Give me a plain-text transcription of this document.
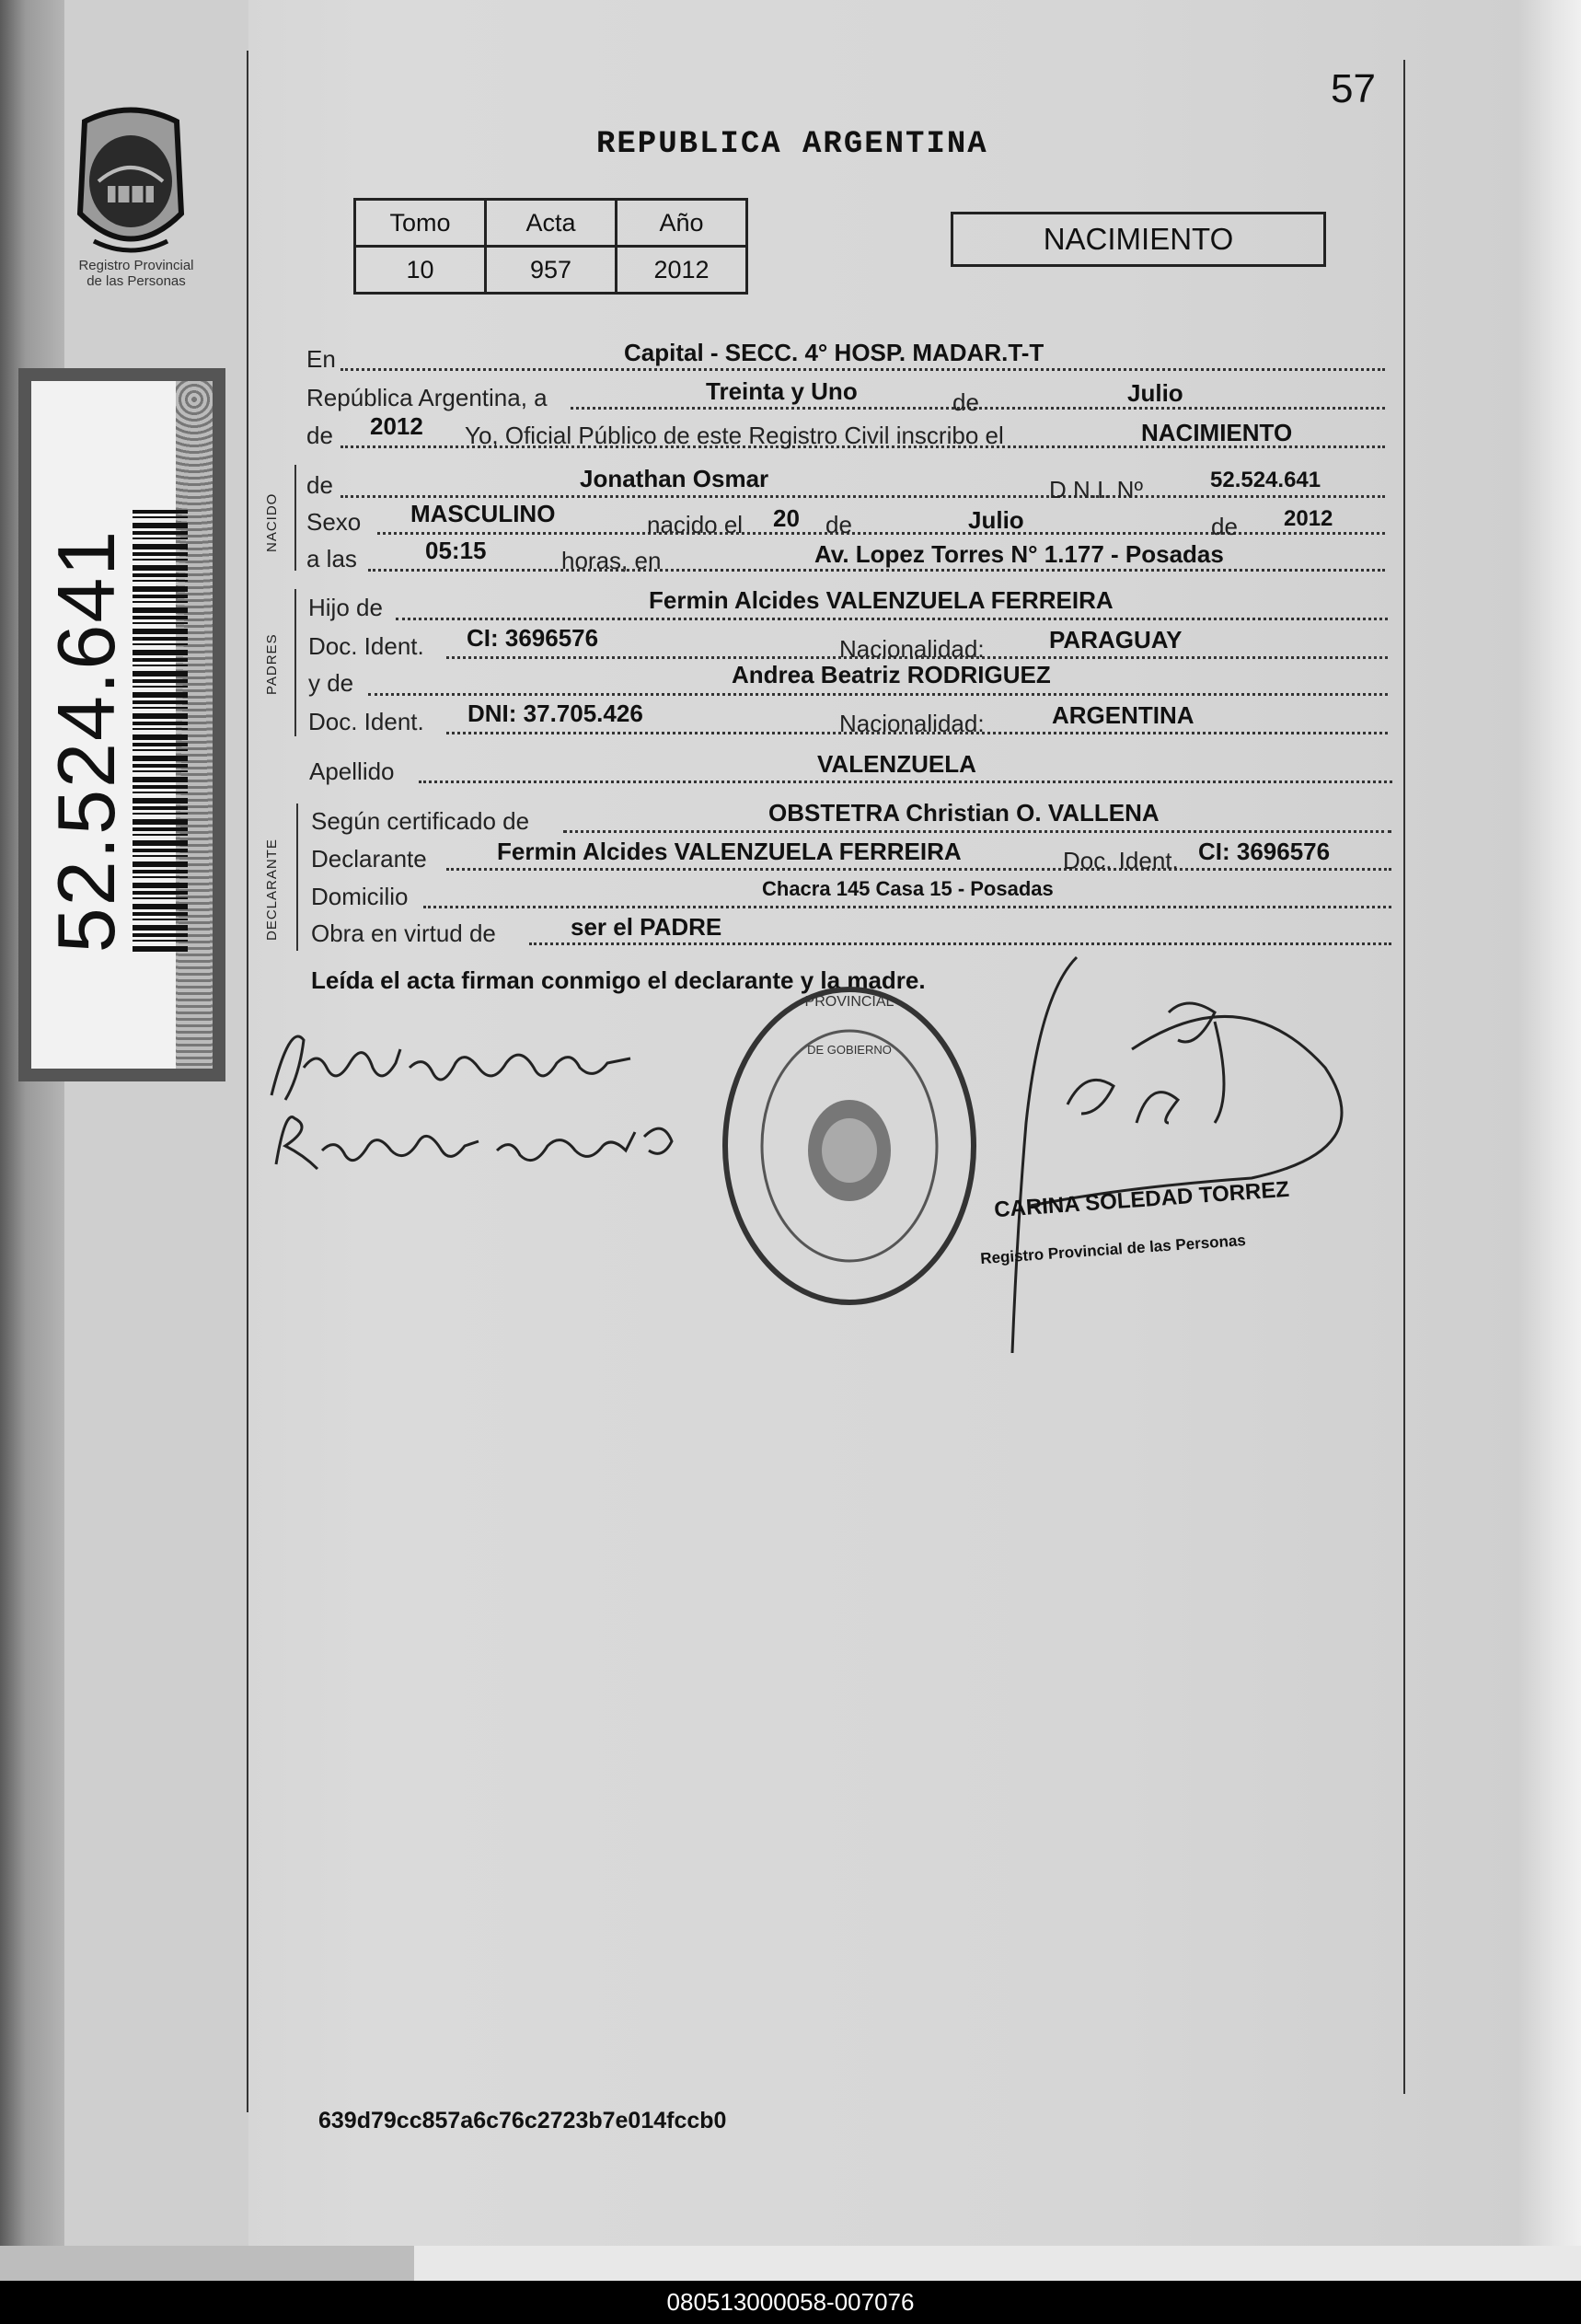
Registro Provincial
de las Personas
52.524.641
57
REPUBLICA ARGENTINA
Tomo	Acta	Año
10	957	2012
NACIMIENTO
En	Capital - SECC. 4° HOSP. MADAR.T-T
República Argentina, a	Treinta y Uno	de	Julio
de 2012 Yo, Oficial Público de este Registro Civil inscribo el	NACIMIENTO
NACIDO
de	Jonathan Osmar	D.N.I. Nº	52.524.641
Sexo MASCULINO	nacido el 20 de	Julio	de 2012
a las	05:15	horas, en	Av. Lopez Torres N° 1.177 - Posadas
PADRES
Hijo de	Fermin Alcides VALENZUELA FERREIRA
Doc. Ident. CI: 3696576	Nacionalidad:	PARAGUAY
y de	Andrea Beatriz RODRIGUEZ
Doc. Ident. DNI: 37.705.426	Nacionalidad:	ARGENTINA
Apellido	VALENZUELA
DECLARANTE
Según certificado de	OBSTETRA Christian O. VALLENA
Declarante	Fermin Alcides VALENZUELA FERREIRA	Doc. Ident. CI: 3696576
Domicilio	Chacra 145 Casa 15 - Posadas
Obra en virtud de	ser el PADRE
Leída el acta firman conmigo el declarante y la madre.
PROVINCIAL
DE GOBIERNO
CARINA SOLEDAD TORREZ
Registro Provincial de las Personas
639d79cc857a6c76c2723b7e014fccb0
080513000058-007076
